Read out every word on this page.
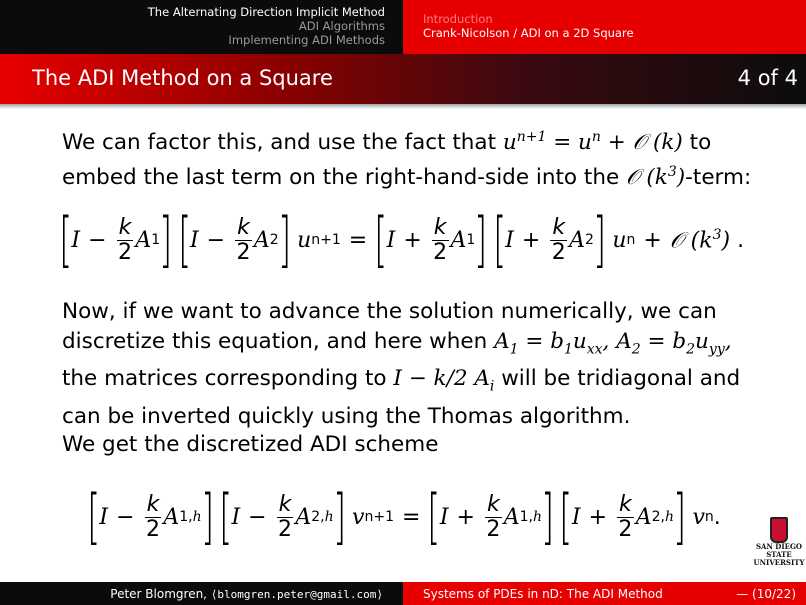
The Alternating Direction Implicit Method
ADI Algorithms
Implementing ADI Methods
Introduction
Crank-Nicolson / ADI on a 2D Square
The ADI Method on a Square	4 of 4
We can factor this, and use the fact that $u^{n+1} = u^n$ + 𝒪 (k) to
embed the last term on the right-hand-side into the 𝒪 $(k^3)$-term:
[ $I - \frac{k}{2}$ A 1 ]
[ $I - \frac{k}{2}$ A 2 ]
u n+1 = [ $I + \frac{k}{2}$ A 1 ]
[ $I + \frac{k}{2}$ A 2 ]
u n + 𝒪 $(k^3)$ .
Now, if we want to advance the solution numerically, we can
discretize this equation, and here when $A_1 = b_1u_{xx}$, $A_2 = b_2u_{yy}$,
the matrices corresponding to I − k/2 $A_i$ will be tridiagonal and
can be inverted quickly using the Thomas algorithm.
We get the discretized ADI scheme
[ $I - \frac{k}{2}$ A 1,h ]
[ $I - \frac{k}{2}$ A 2,h ]
v n+1 = [ $I + \frac{k}{2}$ A 1,h ]
[ $I + \frac{k}{2}$ A 2,h ]
v n .
SAN DIEGO STATE
UNIVERSITY
Peter Blomgren, ⟨blomgren.peter@gmail.com⟩	Systems of PDEs in nD: The ADI Method	— (10/22)
